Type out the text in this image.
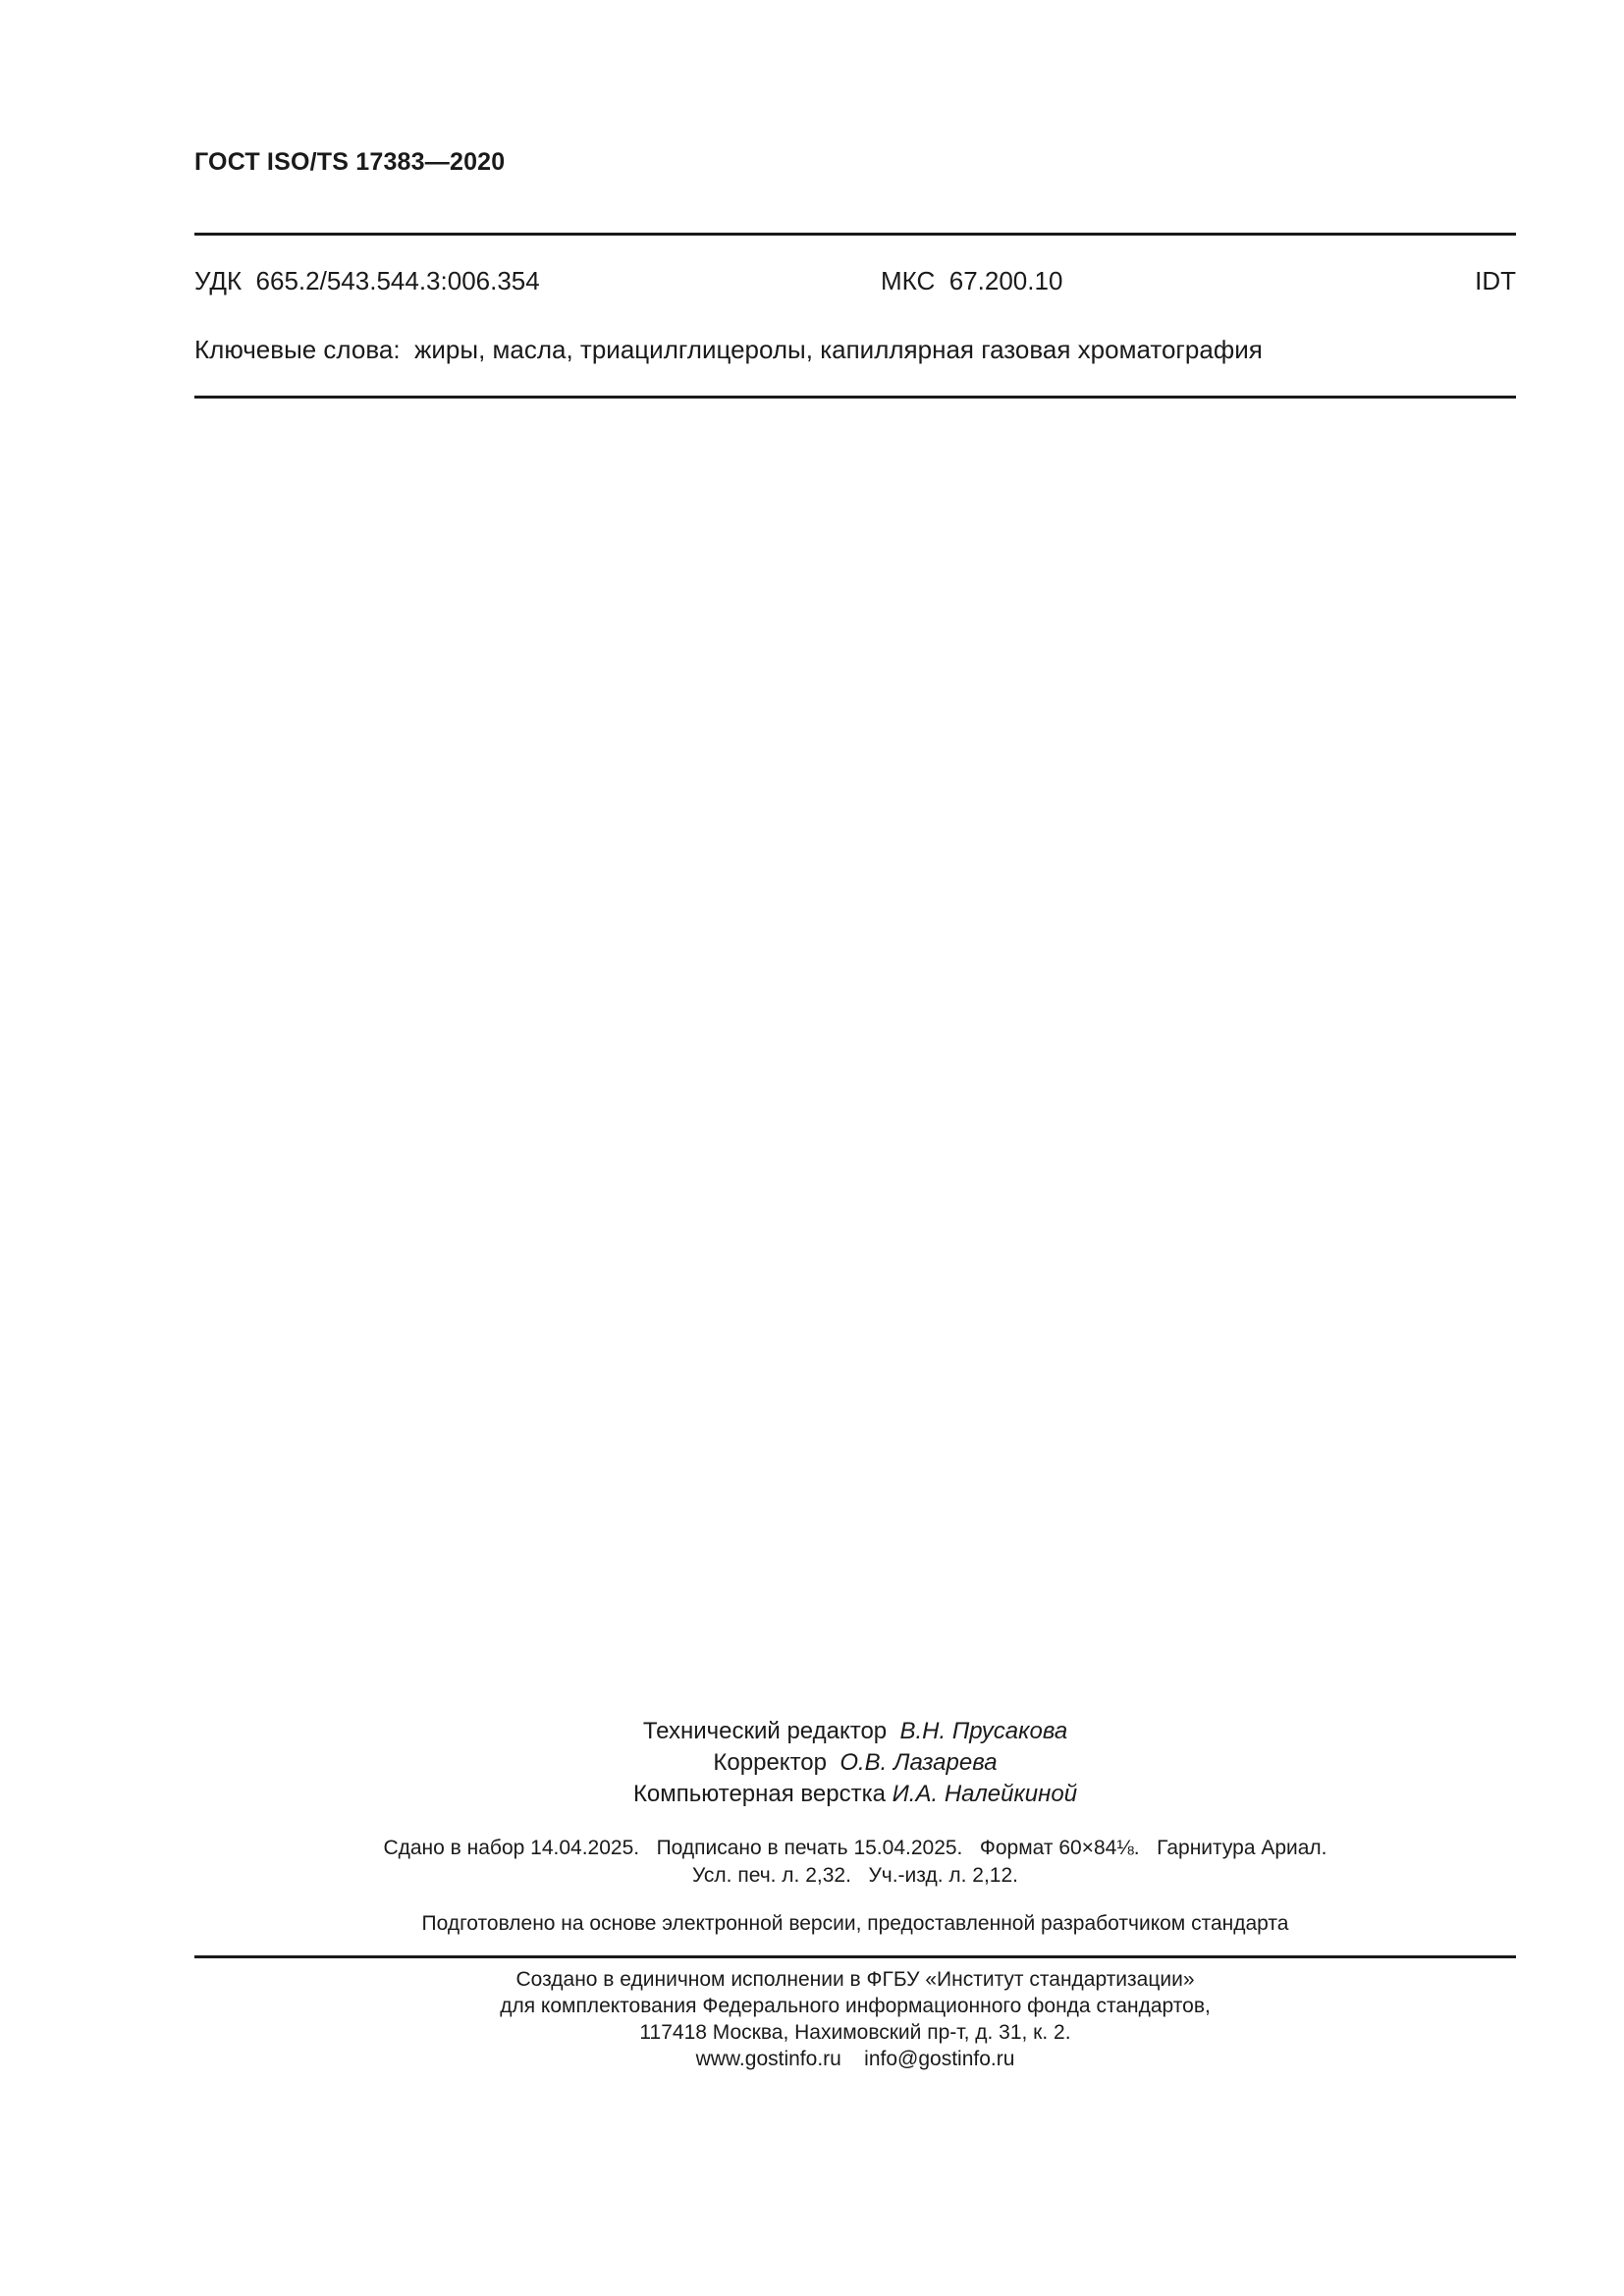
ГОСТ ISO/TS 17383—2020
УДК  665.2/543.544.3:006.354	МКС  67.200.10	IDT
Ключевые слова:  жиры, масла, триацилглицеролы, капиллярная газовая хроматография
Технический редактор В.Н. Прусакова
Корректор О.В. Лазарева
Компьютерная верстка И.А. Налейкиной
Сдано в набор 14.04.2025.   Подписано в печать 15.04.2025.   Формат 60×84⅛.   Гарнитура Ариал.
Усл. печ. л. 2,32.   Уч.-изд. л. 2,12.
Подготовлено на основе электронной версии, предоставленной разработчиком стандарта
Создано в единичном исполнении в ФГБУ «Институт стандартизации»
для комплектования Федерального информационного фонда стандартов,
117418 Москва, Нахимовский пр-т, д. 31, к. 2.
www.gostinfo.ru    info@gostinfo.ru
